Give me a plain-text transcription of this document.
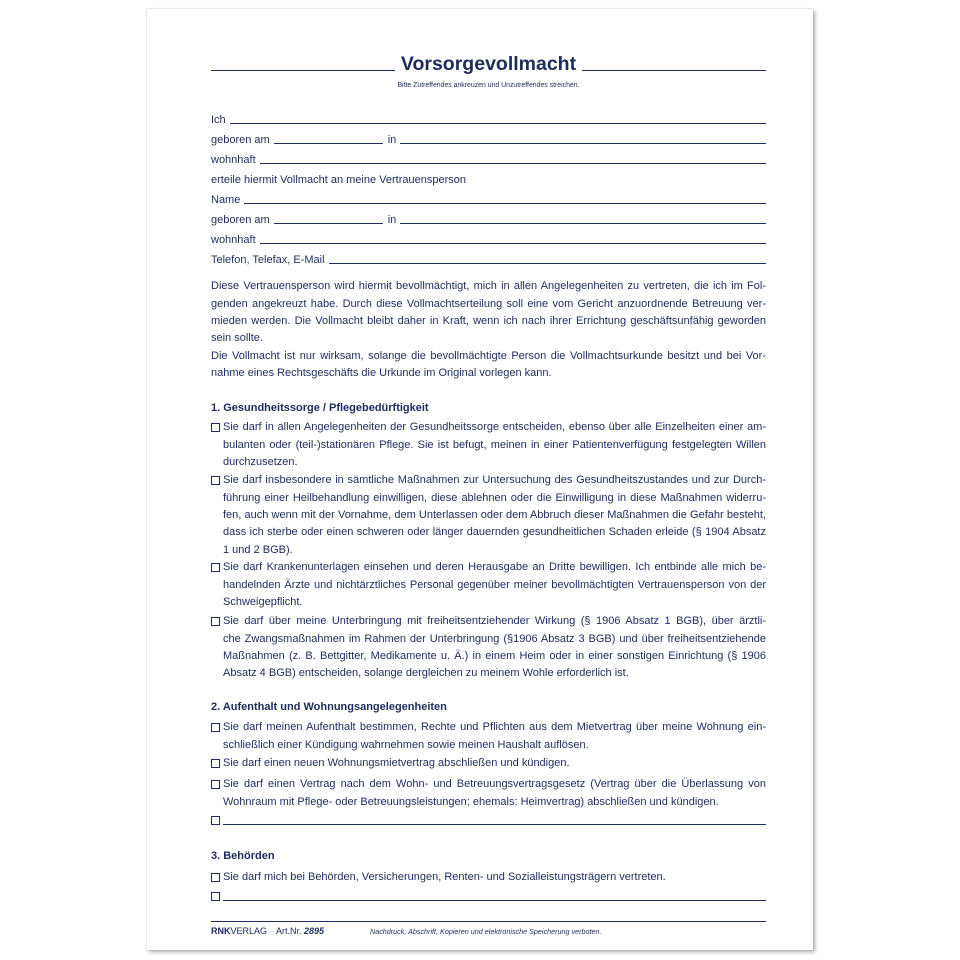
Vorsorgevollmacht
Bitte Zutreffendes ankreuzen und Unzutreffendes streichen.
Ich
geboren am	in
wohnhaft
erteile hiermit Vollmacht an meine Vertrauensperson
Name
geboren am	in
wohnhaft
Telefon, Telefax, E-Mail
Diese Vertrauensperson wird hiermit bevollmächtigt, mich in allen Angelegenheiten zu vertreten, die ich im Fol-
genden angekreuzt habe. Durch diese Vollmachtserteilung soll eine vom Gericht anzuordnende Betreuung ver-
mieden werden. Die Vollmacht bleibt daher in Kraft, wenn ich nach ihrer Errichtung geschäftsunfähig geworden
sein sollte.
Die Vollmacht ist nur wirksam, solange die bevollmächtigte Person die Vollmachtsurkunde besitzt und bei Vor-
nahme eines Rechtsgeschäfts die Urkunde im Original vorlegen kann.
1. Gesundheitssorge / Pflegebedürftigkeit
Sie darf in allen Angelegenheiten der Gesundheitssorge entscheiden, ebenso über alle Einzelheiten einer am-
bulanten oder (teil-)stationären Pflege. Sie ist befugt, meinen in einer Patientenverfügung festgelegten Willen
durchzusetzen.
Sie darf insbesondere in sämtliche Maßnahmen zur Untersuchung des Gesundheitszustandes und zur Durch-
führung einer Heilbehandlung einwilligen, diese ablehnen oder die Einwilligung in diese Maßnahmen widerru-
fen, auch wenn mit der Vornahme, dem Unterlassen oder dem Abbruch dieser Maßnahmen die Gefahr besteht,
dass ich sterbe oder einen schweren oder länger dauernden gesundheitlichen Schaden erleide (§ 1904 Absatz
1 und 2 BGB).
Sie darf Krankenunterlagen einsehen und deren Herausgabe an Dritte bewilligen. Ich entbinde alle mich be-
handelnden Ärzte und nichtärztliches Personal gegenüber meiner bevollmächtigten Vertrauensperson von der
Schweigepflicht.
Sie darf über meine Unterbringung mit freiheitsentziehender Wirkung (§ 1906 Absatz 1 BGB), über ärztli-
che Zwangsmaßnahmen im Rahmen der Unterbringung (§1906 Absatz 3 BGB) und über freiheitsentziehende
Maßnahmen (z. B. Bettgitter, Medikamente u. Ä.) in einem Heim oder in einer sonstigen Einrichtung (§ 1906
Absatz 4 BGB) entscheiden, solange dergleichen zu meinem Wohle erforderlich ist.
2. Aufenthalt und Wohnungsangelegenheiten
Sie darf meinen Aufenthalt bestimmen, Rechte und Pflichten aus dem Mietvertrag über meine Wohnung ein-
schließlich einer Kündigung wahrnehmen sowie meinen Haushalt auflösen.
Sie darf einen neuen Wohnungsmietvertrag abschließen und kündigen.
Sie darf einen Vertrag nach dem Wohn- und Betreuungsvertragsgesetz (Vertrag über die Überlassung von
Wohnraum mit Pflege- oder Betreuungsleistungen; ehemals: Heimvertrag) abschließen und kündigen.
3. Behörden
Sie darf mich bei Behörden, Versicherungen, Renten- und Sozialleistungsträgern vertreten.
RNKVERLAG Art.Nr. 2895	Nachdruck, Abschrift, Kopieren und elektronische Speicherung verboten.
